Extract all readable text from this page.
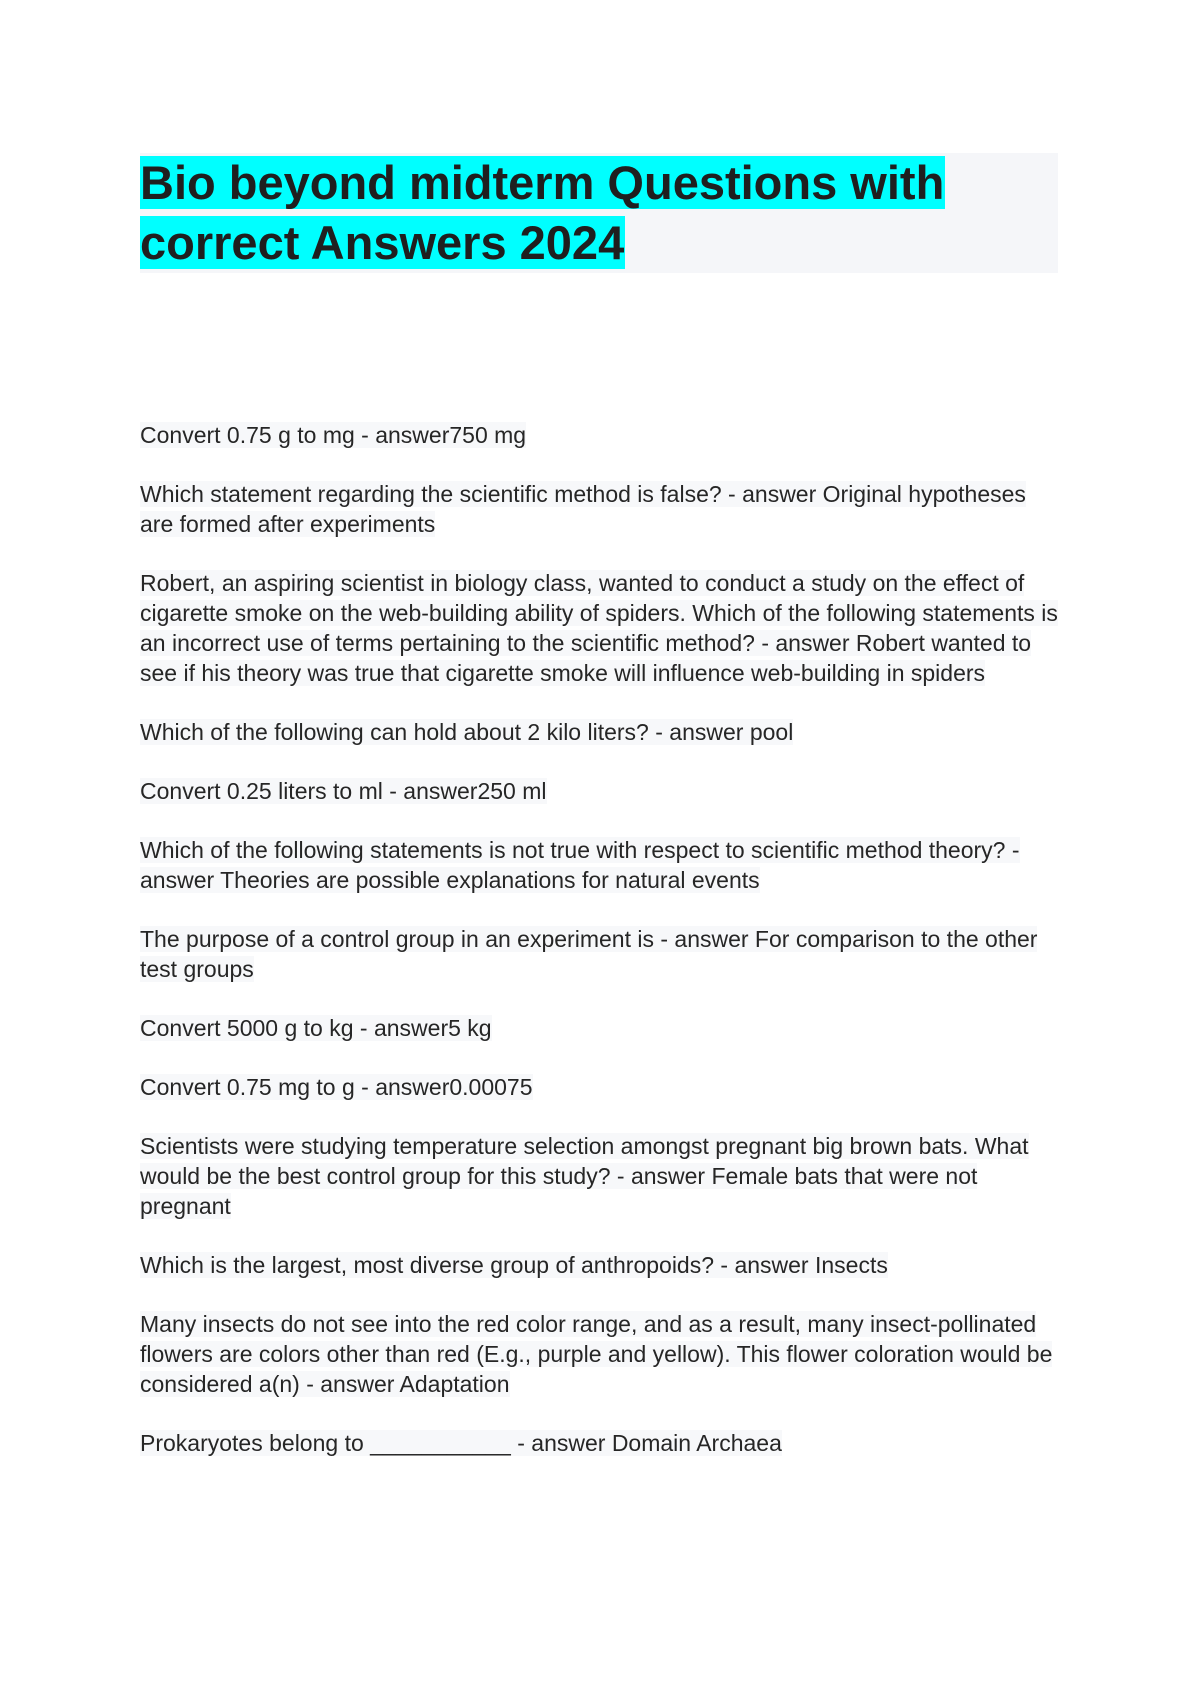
Bio beyond midterm Questions with correct Answers 2024
Convert 0.75 g to mg - answer750 mg
Which statement regarding the scientific method is false? - answer Original hypotheses are formed after experiments
Robert, an aspiring scientist in biology class, wanted to conduct a study on the effect of cigarette smoke on the web-building ability of spiders. Which of the following statements is an incorrect use of terms pertaining to the scientific method? - answer Robert wanted to see if his theory was true that cigarette smoke will influence web-building in spiders
Which of the following can hold about 2 kilo liters? - answer pool
Convert 0.25 liters to ml - answer250 ml
Which of the following statements is not true with respect to scientific method theory? - answer Theories are possible explanations for natural events
The purpose of a control group in an experiment is - answer For comparison to the other test groups
Convert 5000 g to kg - answer5 kg
Convert 0.75 mg to g - answer0.00075
Scientists were studying temperature selection amongst pregnant big brown bats. What would be the best control group for this study? - answer Female bats that were not pregnant
Which is the largest, most diverse group of anthropoids? - answer Insects
Many insects do not see into the red color range, and as a result, many insect-pollinated flowers are colors other than red (E.g., purple and yellow). This flower coloration would be considered a(n) - answer Adaptation
Prokaryotes belong to ___________ - answer Domain Archaea
